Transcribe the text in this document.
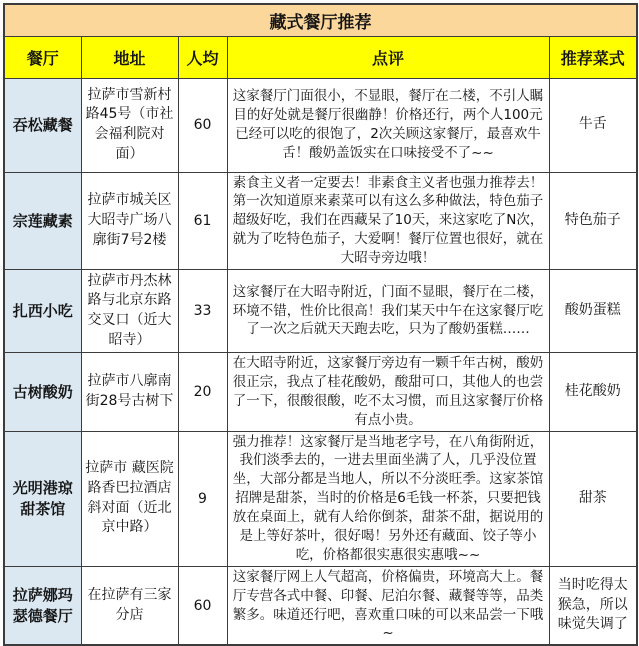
藏式餐厅推荐				
餐厅	地址	人均	点评	推荐菜式
吞松藏餐	拉萨市雪新村路45号（市社会福利院对面）	60	这家餐厅门面很小，不显眼，餐厅在二楼，不引人瞩目的好处就是餐厅很幽静！价格还行，两个人100元已经可以吃的很饱了，2次关顾这家餐厅，最喜欢牛舌！酸奶盖饭实在口味接受不了~~	牛舌
宗莲藏素	拉萨市城关区大昭寺广场八廓街7号2楼	61	素食主义者一定要去！非素食主义者也强力推荐去！第一次知道原来素菜可以有这么多种做法，特色茄子超级好吃，我们在西藏呆了10天，来这家吃了N次，就为了吃特色茄子，大爱啊！餐厅位置也很好，就在大昭寺旁边哦！	特色茄子
扎西小吃	拉萨市丹杰林路与北京东路交叉口（近大昭寺）	33	这家餐厅在大昭寺附近，门面不显眼，餐厅在二楼，环境不错，性价比很高！我们某天中午在这家餐厅吃了一次之后就天天跑去吃，只为了酸奶蛋糕……	酸奶蛋糕
古树酸奶	拉萨市八廓南街28号古树下	20	在大昭寺附近，这家餐厅旁边有一颗千年古树，酸奶很正宗，我点了桂花酸奶，酸甜可口，其他人的也尝了一下，很酸很酸，吃不太习惯，而且这家餐厅价格有点小贵。	桂花酸奶
光明港琼甜茶馆	拉萨市 藏医院路香巴拉酒店斜对面（近北京中路）	9	强力推荐！这家餐厅是当地老字号，在八角街附近，我们淡季去的，一进去里面坐满了人，几乎没位置坐，大部分都是当地人，所以不分淡旺季。这家茶馆招牌是甜茶，当时的价格是6毛钱一杯茶，只要把钱放在桌面上，就有人给你倒茶，甜茶不甜，据说用的是上等好茶叶，很好喝！另外还有藏面、饺子等小吃，价格都很实惠很实惠哦~~	甜茶
拉萨娜玛瑟德餐厅	在拉萨有三家分店	60	这家餐厅网上人气超高，价格偏贵，环境高大上。餐厅专营各式中餐、印餐、尼泊尔餐、藏餐等等，品类繁多。味道还行吧，喜欢重口味的可以来品尝一下哦~	当时吃得太猴急，所以味觉失调了
